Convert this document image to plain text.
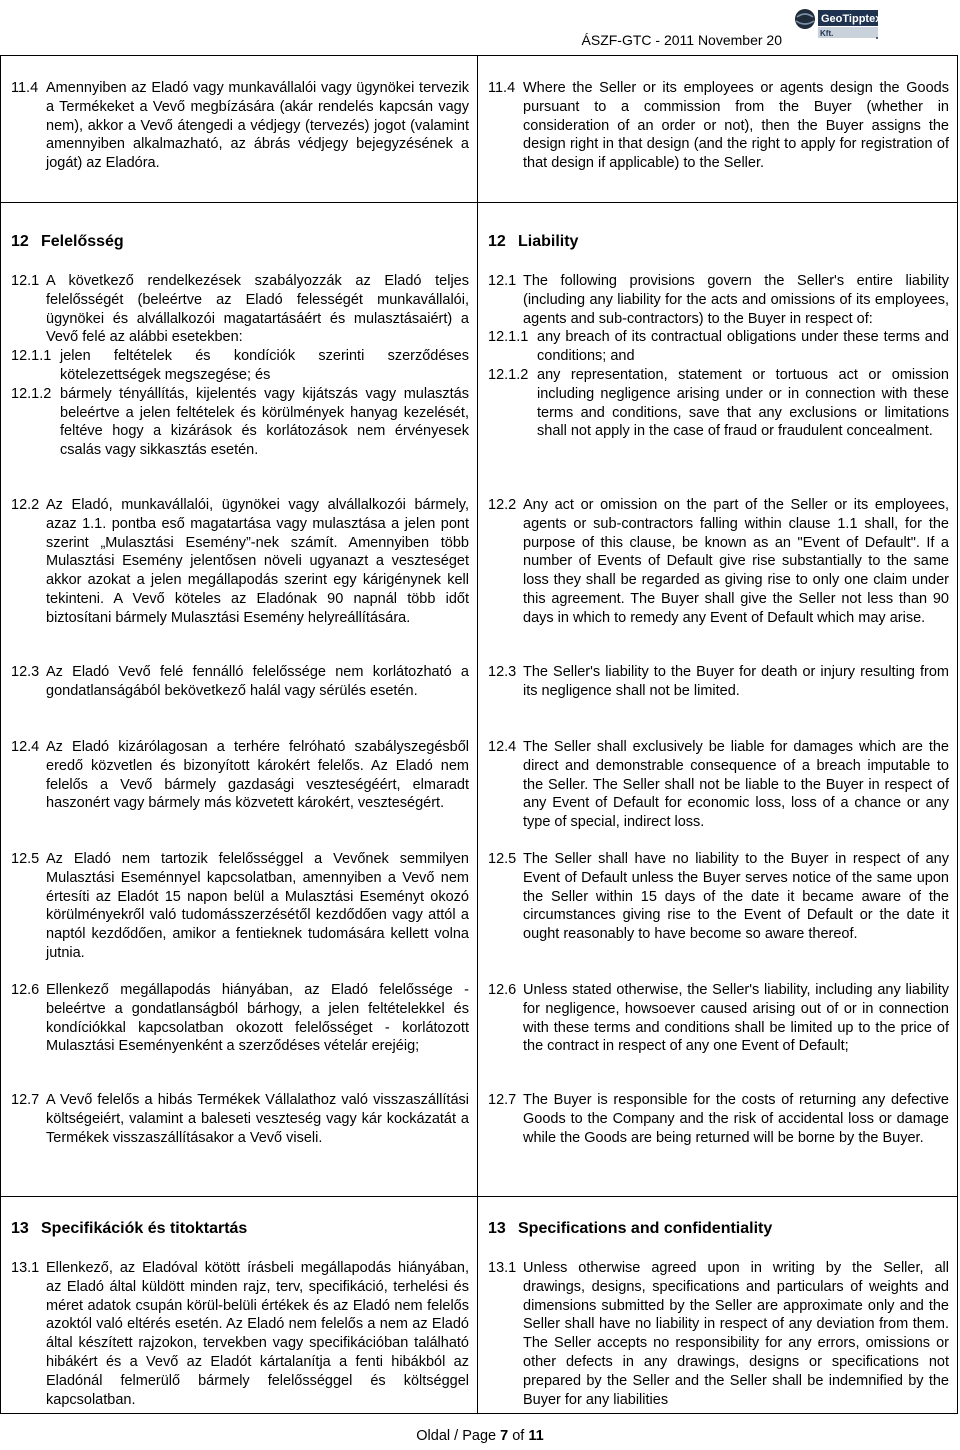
GeoTipptex
Kft.
ÁSZF-GTC - 2011 November 20
11.4 Amennyiben az Eladó vagy munkavállalói vagy ügynökei tervezik a Termékeket a Vevő megbízására (akár rendelés kapcsán vagy nem), akkor a Vevő átengedi a védjegy (tervezés) jogot (valamint amennyiben alkalmazható, az ábrás védjegy bejegyzésének a jogát) az Eladóra.
12 Felelősség
12.1 A következő rendelkezések szabályozzák az Eladó teljes felelősségét (beleértve az Eladó felességét munkavállalói, ügynökei és alvállalkozói magatartásáért és mulasztásaiért) a Vevő felé az alábbi esetekben:
12.1.1 jelen feltételek és kondíciók szerinti szerződéses kötelezettségek megszegése; és
12.1.2 bármely tényállítás, kijelentés vagy kijátszás vagy mulasztás beleértve a jelen feltételek és körülmények hanyag kezelését, feltéve hogy a kizárások és korlátozások nem érvényesek csalás vagy sikkasztás esetén.
12.2 Az Eladó, munkavállalói, ügynökei vagy alvállalkozói bármely, azaz 1.1. pontba eső magatartása vagy mulasztása a jelen pont szerint „Mulasztási Esemény”-nek számít. Amennyiben több Mulasztási Esemény jelentősen növeli ugyanazt a veszteséget akkor azokat a jelen megállapodás szerint egy kárigénynek kell tekinteni. A Vevő köteles az Eladónak 90 napnál több időt biztosítani bármely Mulasztási Esemény helyreállítására.
12.3 Az Eladó Vevő felé fennálló felelőssége nem korlátozható a gondatlanságából bekövetkező halál vagy sérülés esetén.
12.4 Az Eladó kizárólagosan a terhére felróható szabályszegésből eredő közvetlen és bizonyított károkért felelős. Az Eladó nem felelős a Vevő bármely gazdasági veszteségéért, elmaradt haszonért vagy bármely más közvetett károkért, veszteségért.
12.5 Az Eladó nem tartozik felelősséggel a Vevőnek semmilyen Mulasztási Eseménnyel kapcsolatban, amennyiben a Vevő nem értesíti az Eladót 15 napon belül a Mulasztási Eseményt okozó körülményekről való tudomásszerzésétől kezdődően vagy attól a naptól kezdődően, amikor a fentieknek tudomására kellett volna jutnia.
12.6 Ellenkező megállapodás hiányában, az Eladó felelőssége -beleértve a gondatlanságból bárhogy, a jelen feltételekkel és kondíciókkal kapcsolatban okozott felelősséget - korlátozott Mulasztási Eseményenként a szerződéses vételár erejéig;
12.7 A Vevő felelős a hibás Termékek Vállalathoz való visszaszállítási költségeiért, valamint a baleseti veszteség vagy kár kockázatát a Termékek visszaszállításakor a Vevő viseli.
13 Specifikációk és titoktartás
13.1 Ellenkező, az Eladóval kötött írásbeli megállapodás hiányában, az Eladó által küldött minden rajz, terv, specifikáció, terhelési és méret adatok csupán körül-belüli értékek és az Eladó nem felelős azoktól való eltérés esetén. Az Eladó nem felelős a nem az Eladó által készített rajzokon, tervekben vagy specifikációban található hibákért és a Vevő az Eladót kártalanítja a fenti hibákból az Eladónál felmerülő bármely felelősséggel és költséggel kapcsolatban.
11.4 Where the Seller or its employees or agents design the Goods pursuant to a commission from the Buyer (whether in consideration of an order or not), then the Buyer assigns the design right in that design (and the right to apply for registration of that design if applicable) to the Seller.
12 Liability
12.1 The following provisions govern the Seller's entire liability (including any liability for the acts and omissions of its employees, agents and sub-contractors) to the Buyer in respect of:
12.1.1 any breach of its contractual obligations under these terms and conditions; and
12.1.2 any representation, statement or tortuous act or omission including negligence arising under or in connection with these terms and conditions, save that any exclusions or limitations shall not apply in the case of fraud or fraudulent concealment.
12.2 Any act or omission on the part of the Seller or its employees, agents or sub-contractors falling within clause 1.1 shall, for the purpose of this clause, be known as an "Event of Default". If a number of Events of Default give rise substantially to the same loss they shall be regarded as giving rise to only one claim under this agreement. The Buyer shall give the Seller not less than 90 days in which to remedy any Event of Default which may arise.
12.3 The Seller's liability to the Buyer for death or injury resulting from its negligence shall not be limited.
12.4 The Seller shall exclusively be liable for damages which are the direct and demonstrable consequence of a breach imputable to the Seller. The Seller shall not be liable to the Buyer in respect of any Event of Default for economic loss, loss of a chance or any type of special, indirect loss.
12.5 The Seller shall have no liability to the Buyer in respect of any Event of Default unless the Buyer serves notice of the same upon the Seller within 15 days of the date it became aware of the circumstances giving rise to the Event of Default or the date it ought reasonably to have become so aware thereof.
12.6 Unless stated otherwise, the Seller's liability, including any liability for negligence, howsoever caused arising out of or in connection with these terms and conditions shall be limited up to the price of the contract in respect of any one Event of Default;
12.7 The Buyer is responsible for the costs of returning any defective Goods to the Company and the risk of accidental loss or damage while the Goods are being returned will be borne by the Buyer.
13 Specifications and confidentiality
13.1 Unless otherwise agreed upon in writing by the Seller, all drawings, designs, specifications and particulars of weights and dimensions submitted by the Seller are approximate only and the Seller shall have no liability in respect of any deviation from them. The Seller accepts no responsibility for any errors, omissions or other defects in any drawings, designs or specifications not prepared by the Seller and the Seller shall be indemnified by the Buyer for any liabilities
Oldal / Page 7 of 11
